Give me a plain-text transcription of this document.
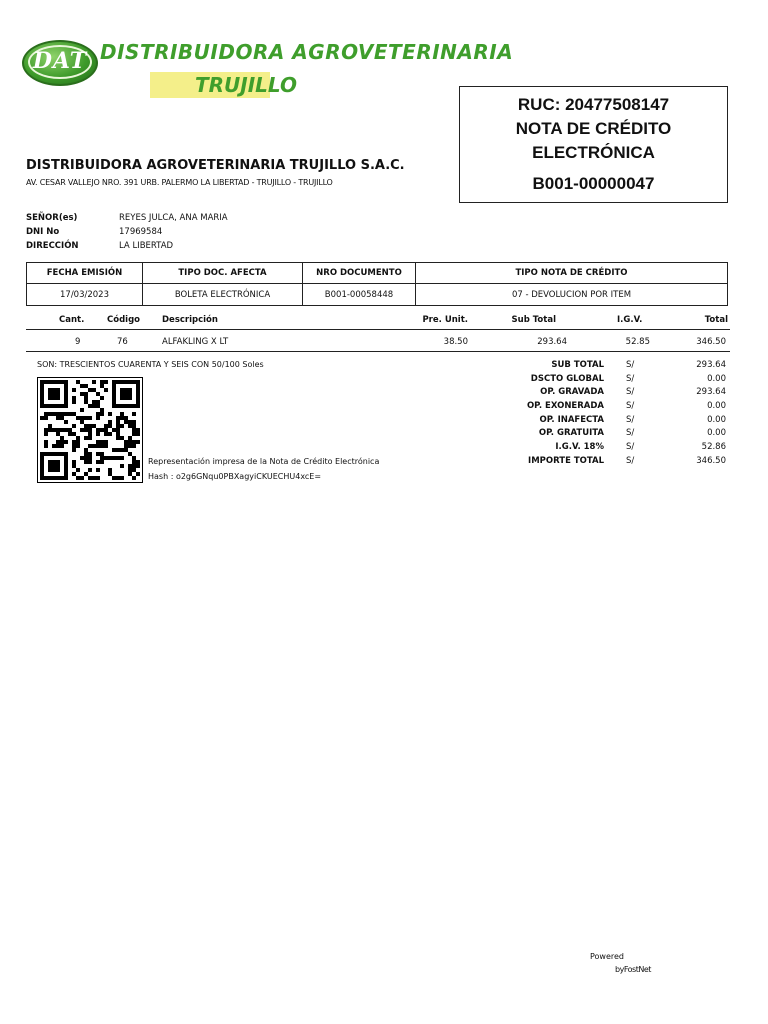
DAT DISTRIBUIDORA AGROVETERINARIA
TRUJILLO
RUC: 20477508147
NOTA DE CRÉDITO
ELECTRÓNICA
B001-00000047
DISTRIBUIDORA AGROVETERINARIA TRUJILLO S.A.C.
AV. CESAR VALLEJO NRO. 391 URB. PALERMO LA LIBERTAD - TRUJILLO - TRUJILLO
SEÑOR(es)	REYES JULCA, ANA MARIA
DNI No	17969584
DIRECCIÓN	LA LIBERTAD
FECHA EMISIÓN	TIPO DOC. AFECTA	NRO DOCUMENTO	TIPO NOTA DE CRÉDITO
17/03/2023	BOLETA ELECTRÓNICA	B001-00058448	07 - DEVOLUCION POR ITEM
Cant.	Código	Descripción	Pre. Unit.	Sub Total	I.G.V.	Total
9	76	ALFAKLING X LT	38.50	293.64	52.85	346.50
SON: TRESCIENTOS CUARENTA Y SEIS CON 50/100 Soles	SUB TOTAL	S/	293.64
DSCTO GLOBAL	S/	0.00
OP. GRAVADA	S/	293.64
OP. EXONERADA	S/	0.00
OP. INAFECTA	S/	0.00
OP. GRATUITA	S/	0.00
I.G.V. 18%	S/	52.86
IMPORTE TOTAL	S/	346.50
Representación impresa de la Nota de Crédito Electrónica
Hash : o2g6GNqu0PBXagyiCKUECHU4xcE=
Powered
byFostNet
